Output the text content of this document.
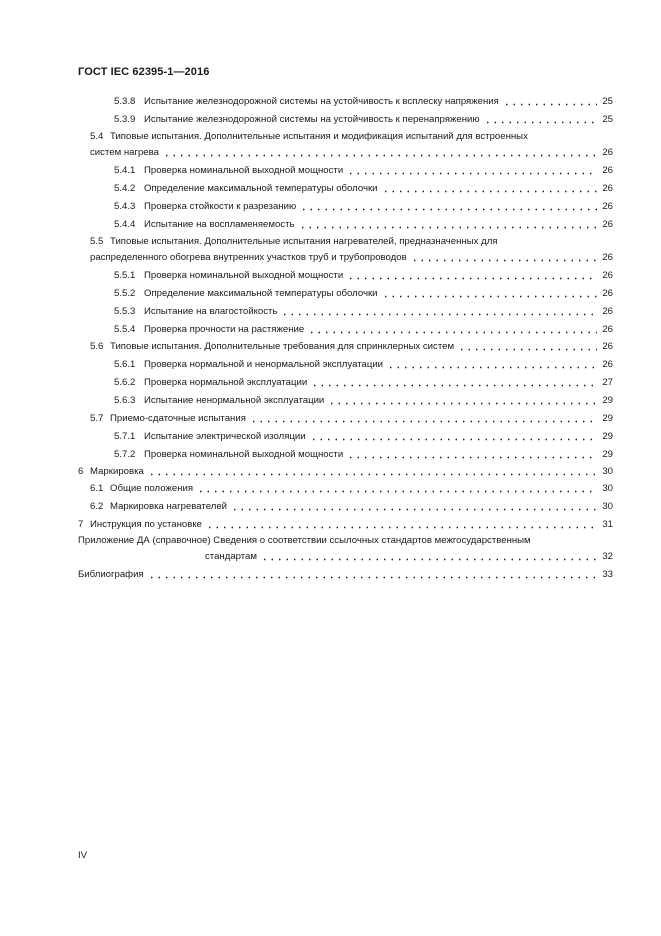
ГОСТ IEC 62395-1—2016
5.3.8 Испытание железнодорожной системы на устойчивость к всплеску напряжения	25
5.3.9 Испытание железнодорожной системы на устойчивость к перенапряжению	25
5.4 Типовые испытания. Дополнительные испытания и модификация испытаний для встроенных
систем нагрева	26
5.4.1 Проверка номинальной выходной мощности	26
5.4.2 Определение максимальной температуры оболочки	26
5.4.3 Проверка стойкости к разрезанию	26
5.4.4 Испытание на воспламеняемость	26
5.5 Типовые испытания. Дополнительные испытания нагревателей, предназначенных для
распределенного обогрева внутренних участков труб и трубопроводов	26
5.5.1 Проверка номинальной выходной мощности	26
5.5.2 Определение максимальной температуры оболочки	26
5.5.3 Испытание на влагостойкость	26
5.5.4 Проверка прочности на растяжение	26
5.6 Типовые испытания. Дополнительные требования для спринклерных систем	26
5.6.1 Проверка нормальной и ненормальной эксплуатации	26
5.6.2 Проверка нормальной эксплуатации	27
5.6.3 Испытание ненормальной эксплуатации	29
5.7 Приемо-сдаточные испытания	29
5.7.1 Испытание электрической изоляции	29
5.7.2 Проверка номинальной выходной мощности	29
6 Маркировка	30
6.1 Общие положения	30
6.2 Маркировка нагревателей	30
7 Инструкция по установке	31
Приложение ДА (справочное) Сведения о соответствии ссылочных стандартов межгосударственным
стандартам	32
Библиография	33
IV
